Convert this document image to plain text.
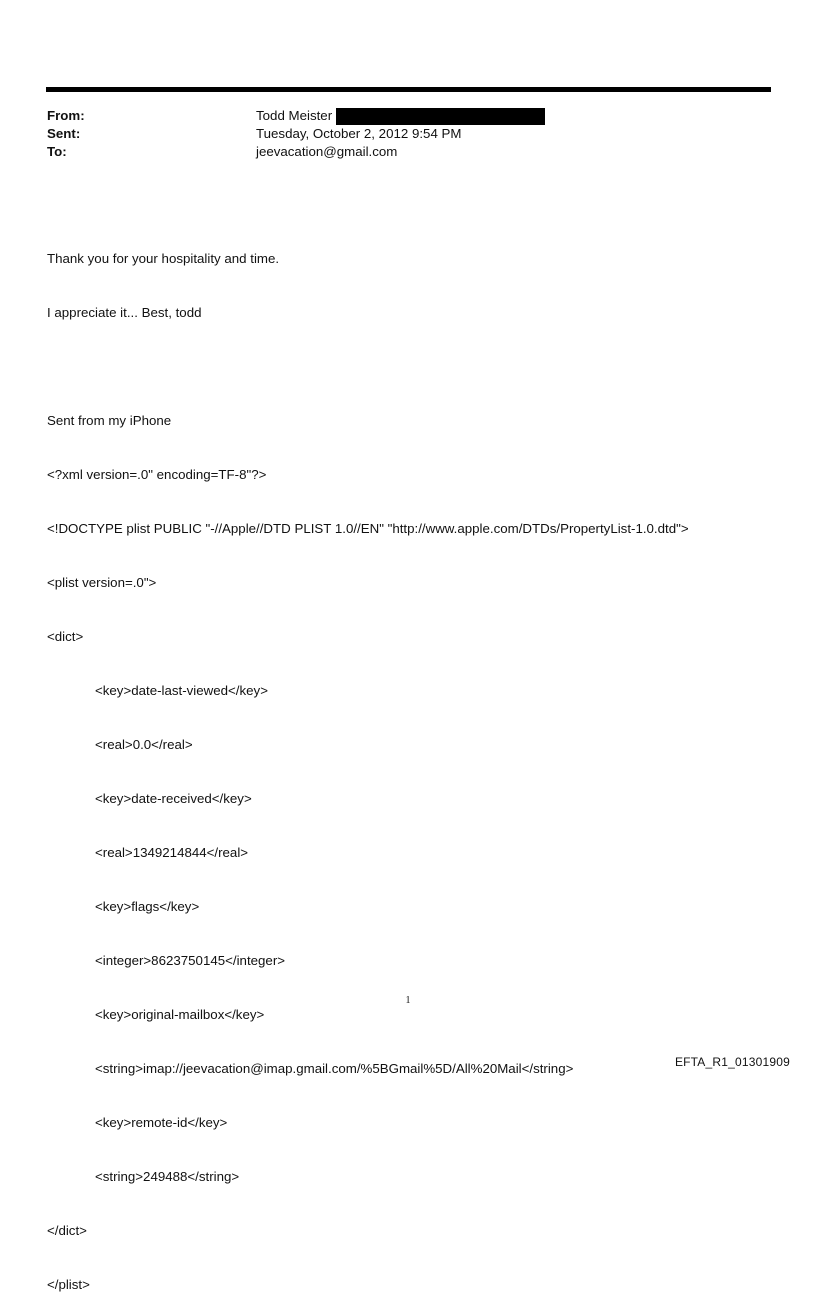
From:	Todd Meister
Sent:	Tuesday, October 2, 2012 9:54 PM
To:	jeevacation@gmail.com

Thank you for your hospitality and time.

I appreciate it... Best, todd

Sent from my iPhone

<?xml version=.0" encoding=TF-8"?>

<!DOCTYPE plist PUBLIC "-//Apple//DTD PLIST 1.0//EN" "http://www.apple.com/DTDs/PropertyList-1.0.dtd">

<plist version=.0">

<dict>

<key>date-last-viewed</key>

<real>0.0</real>

<key>date-received</key>

<real>1349214844</real>

<key>flags</key>

<integer>8623750145</integer>

<key>original-mailbox</key>

<string>imap://jeevacation@imap.gmail.com/%5BGmail%5D/All%20Mail</string>

<key>remote-id</key>

<string>249488</string>

</dict>

</plist>

1
EFTA_R1_01301909
